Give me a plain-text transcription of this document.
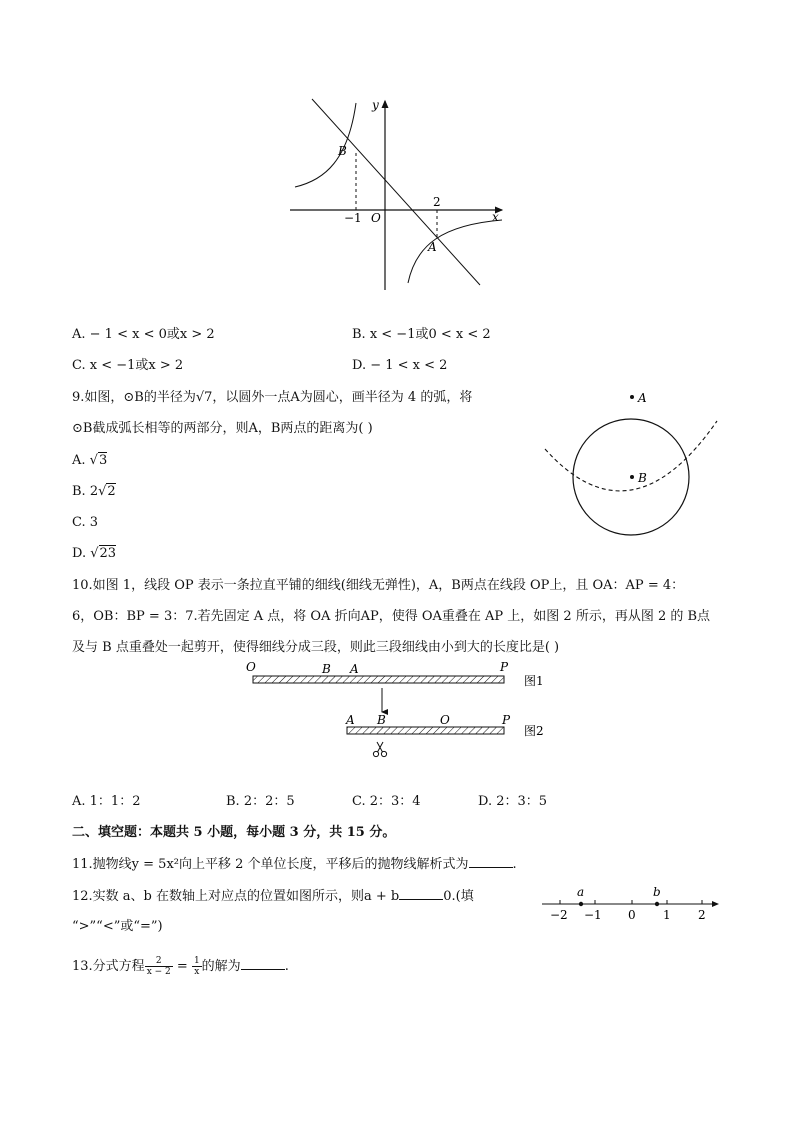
y
x
O
−1
2
B
A
A. − 1 < x < 0或x > 2	B. x < −1或0 < x < 2
C. x < −1或x > 2	D. − 1 < x < 2
9.如图，⊙B的半径为√7，以圆外一点A为圆心，画半径为 4 的弧，将
⊙B截成弧长相等的两部分，则A，B两点的距离为( )
A. √3
B. 2√2
C. 3
D. √23
A
B
10.如图 1，线段 OP 表示一条拉直平铺的细线(细线无弹性)，A，B两点在线段 OP上，且 OA：AP = 4：
6，OB：BP = 3：7.若先固定 A 点，将 OA 折向AP，使得 OA重叠在 AP 上，如图 2 所示，再从图 2 的 B点
及与 B 点重叠处一起剪开，使得细线分成三段，则此三段细线由小到大的长度比是( )
O	B A	P
图1
A B	O	P
图2
A. 1：1：2	B. 2：2：5	C. 2：3：4	D. 2：3：5
二、填空题：本题共 5 小题，每小题 3 分，共 15 分。
11.抛物线y = 5x²向上平移 2 个单位长度，平移后的抛物线解析式为	.
12.实数 a、b 在数轴上对应点的位置如图所示，则a + b	0.(填
“>”“<”或“=”)
a	b
−2 −1 0 1 2
13.分式方程 $\frac{2}{x - 2} = \frac{1}{x}$ 的解为	.
